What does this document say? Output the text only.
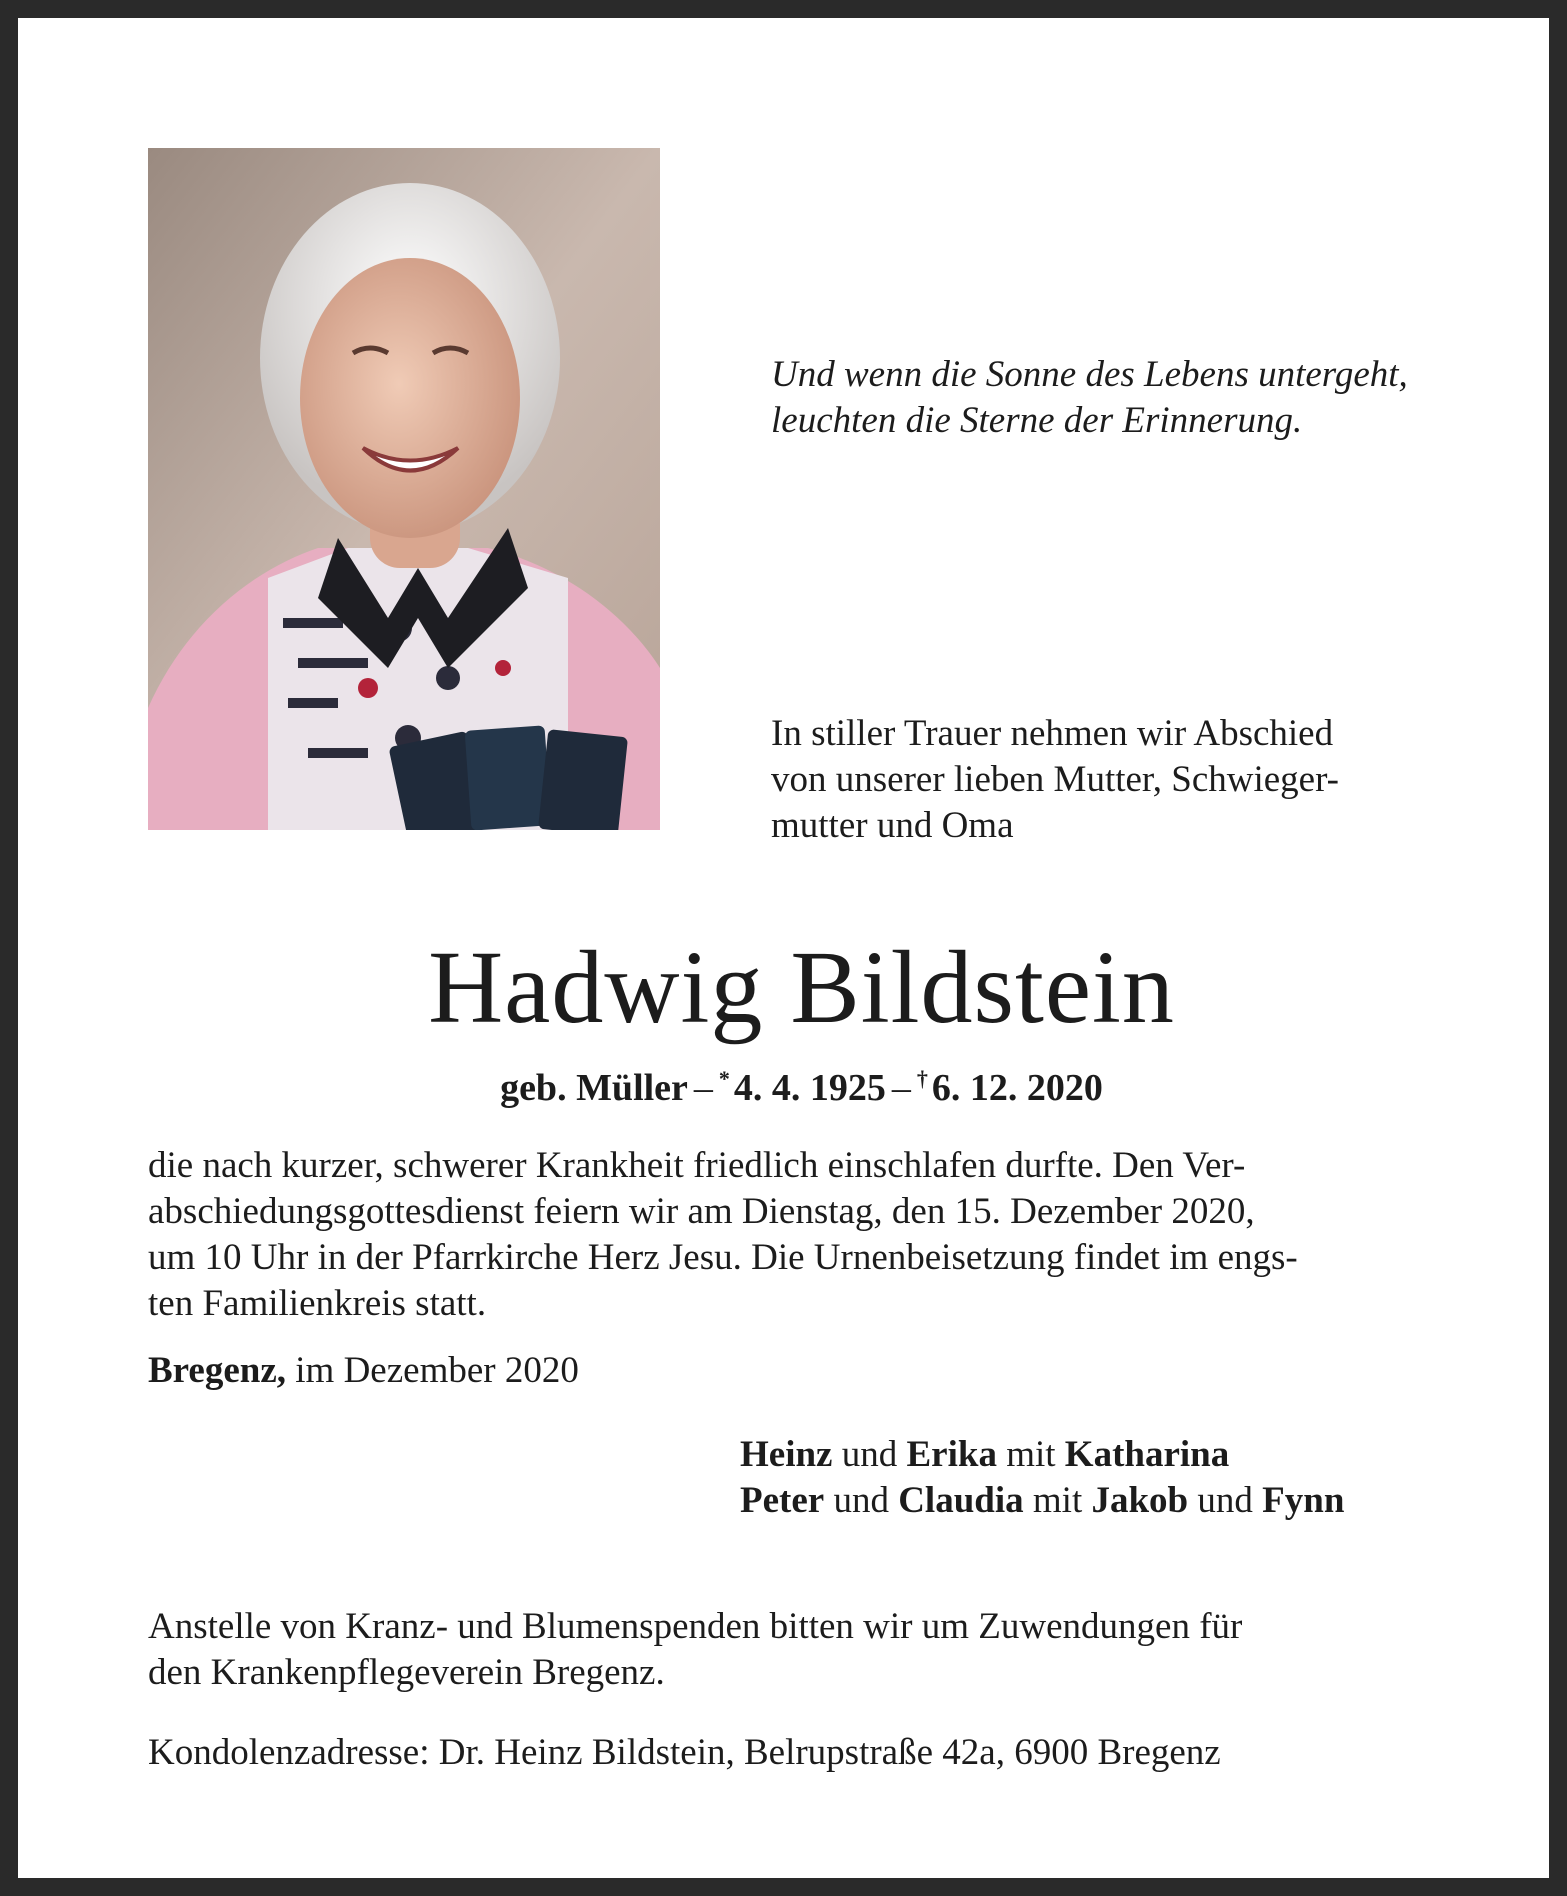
Und wenn die Sonne des Lebens untergeht,
leuchten die Sterne der Erinnerung.
In stiller Trauer nehmen wir Abschied
von unserer lieben Mutter, Schwieger-
mutter und Oma
Hadwig Bildstein
geb. Müller – * 4. 4. 1925 – † 6. 12. 2020
die nach kurzer, schwerer Krankheit friedlich einschlafen durfte. Den Ver-
abschiedungsgottesdienst feiern wir am Dienstag, den 15. Dezember 2020,
um 10 Uhr in der Pfarrkirche Herz Jesu. Die Urnenbeisetzung findet im engs-
ten Familienkreis statt.
Bregenz, im Dezember 2020
Heinz und Erika mit Katharina
Peter und Claudia mit Jakob und Fynn
Anstelle von Kranz- und Blumenspenden bitten wir um Zuwendungen für
den Krankenpflegeverein Bregenz.
Kondolenzadresse: Dr. Heinz Bildstein, Belrupstraße 42a, 6900 Bregenz
